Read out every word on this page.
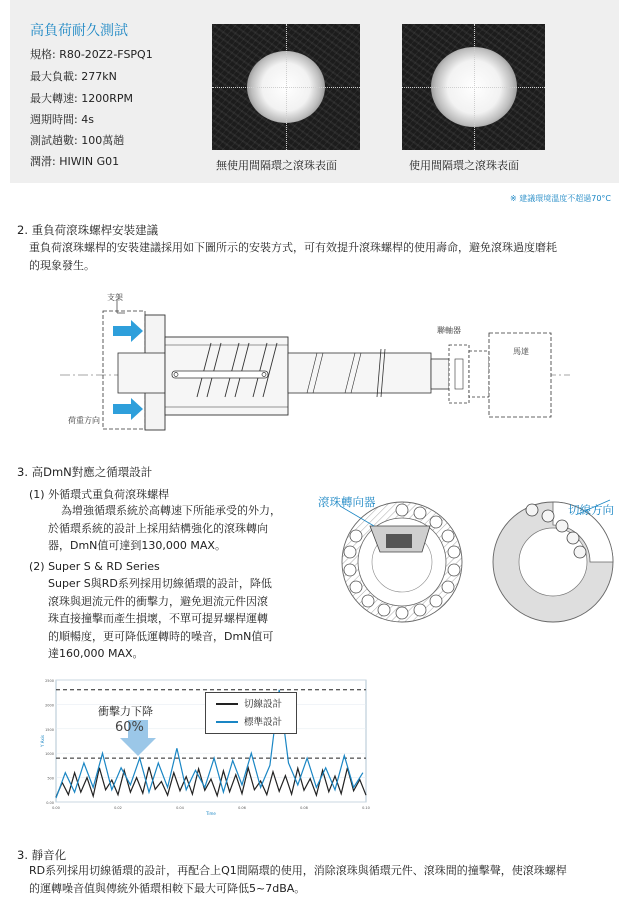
高負荷耐久測試
規格: R80-20Z2-FSPQ1
最大負載: 277kN
最大轉速: 1200RPM
週期時間: 4s
測試趟數: 100萬趟
潤滑: HIWIN G01	無使用間隔環之滾珠表面	使用間隔環之滾珠表面
※ 建議環境溫度不超過70°C
2. 重負荷滾珠螺桿安裝建議
重負荷滾珠螺桿的安裝建議採用如下圖所示的安裝方式，可有效提升滾珠螺桿的使用壽命，避免滾珠過度磨耗
的現象發生。
支架
聯軸器
馬達
荷重方向
3. 高DmN對應之循環設計
(1) 外循環式重負荷滾珠螺桿
為增強循環系統於高轉速下所能承受的外力，
於循環系統的設計上採用結構強化的滾珠轉向
器，DmN值可達到130,000 MAX。
(2) Super S & RD Series
Super S與RD系列採用切線循環的設計，降低
滾珠與迴流元件的衝擊力，避免迴流元件因滾
珠直接撞擊而產生損壞，不單可提昇螺桿運轉
的順暢度，更可降低運轉時的噪音，DmN值可
達160,000 MAX。
滾珠轉向器
切線方向
0.00
500
1000
1500
2000
2500
0.00	0.02	0.04	0.06	0.08	0.10
Time
Y Axis
衝擊力下降
60%
切線設計
標準設計
3. 靜音化
RD系列採用切線循環的設計，再配合上Q1間隔環的使用，消除滾珠與循環元件、滾珠間的撞擊聲，使滾珠螺桿
的運轉噪音值與傳統外循環相較下最大可降低5~7dBA。
